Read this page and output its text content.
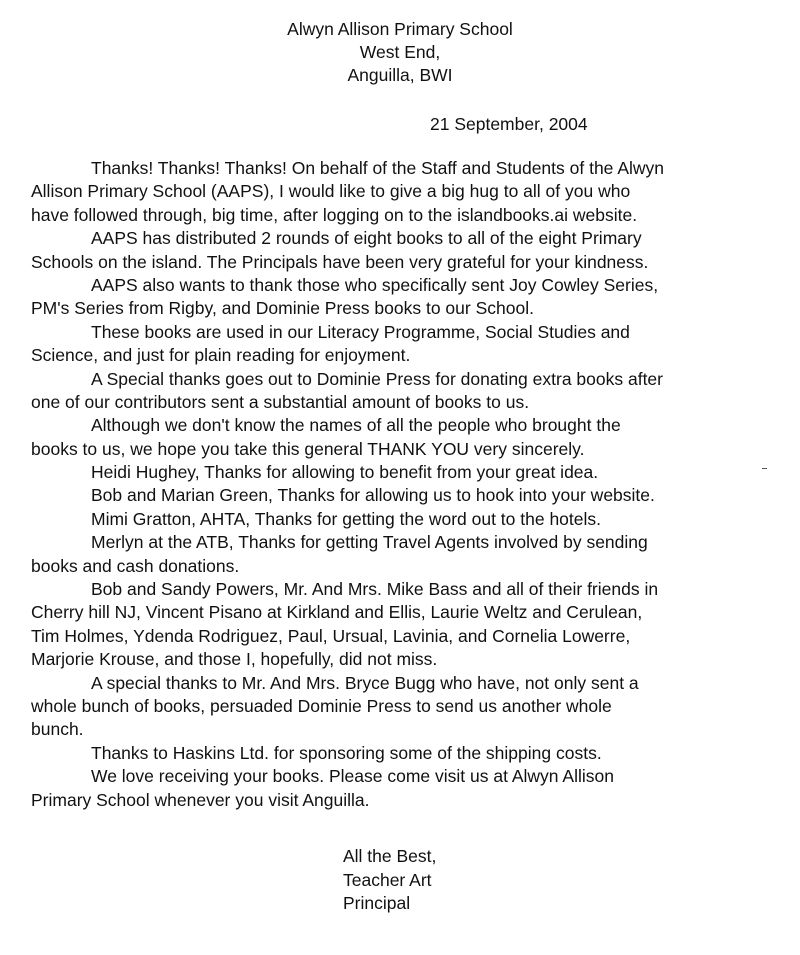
Alwyn Allison Primary School
West End,
Anguilla, BWI
21 September, 2004
Thanks! Thanks! Thanks! On behalf of the Staff and Students of the Alwyn
Allison Primary School (AAPS), I would like to give a big hug to all of you who
have followed through, big time, after logging on to the islandbooks.ai website.
AAPS has distributed 2 rounds of eight books to all of the eight Primary
Schools on the island. The Principals have been very grateful for your kindness.
AAPS also wants to thank those who specifically sent Joy Cowley Series,
PM's Series from Rigby, and Dominie Press books to our School.
These books are used in our Literacy Programme, Social Studies and
Science, and just for plain reading for enjoyment.
A Special thanks goes out to Dominie Press for donating extra books after
one of our contributors sent a substantial amount of books to us.
Although we don't know the names of all the people who brought the
books to us, we hope you take this general THANK YOU very sincerely.
Heidi Hughey, Thanks for allowing to benefit from your great idea.
Bob and Marian Green, Thanks for allowing us to hook into your website.
Mimi Gratton, AHTA, Thanks for getting the word out to the hotels.
Merlyn at the ATB, Thanks for getting Travel Agents involved by sending
books and cash donations.
Bob and Sandy Powers, Mr. And Mrs. Mike Bass and all of their friends in
Cherry hill NJ, Vincent Pisano at Kirkland and Ellis, Laurie Weltz and Cerulean,
Tim Holmes, Ydenda Rodriguez, Paul, Ursual, Lavinia, and Cornelia Lowerre,
Marjorie Krouse, and those I, hopefully, did not miss.
A special thanks to Mr. And Mrs. Bryce Bugg who have, not only sent a
whole bunch of books, persuaded Dominie Press to send us another whole
bunch.
Thanks to Haskins Ltd. for sponsoring some of the shipping costs.
We love receiving your books. Please come visit us at Alwyn Allison
Primary School whenever you visit Anguilla.
All the Best,
Teacher Art
Principal
